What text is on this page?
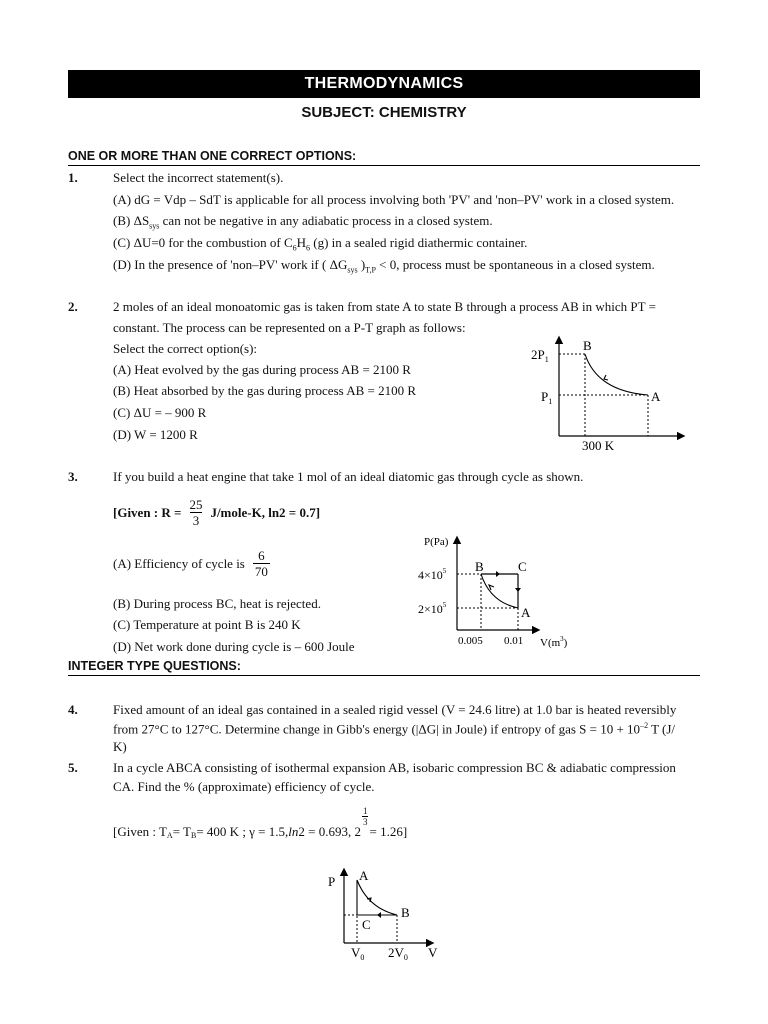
THERMODYNAMICS
SUBJECT: CHEMISTRY
ONE OR MORE THAN ONE CORRECT OPTIONS:
1.	Select the incorrect statement(s).
(A) dG = Vdp – SdT is applicable for all process involving both 'PV' and 'non–PV' work in a closed system.
(B) $\Delta S_{sys}$ can not be negative in any adiabatic process in a closed system.
(C) ΔU=0 for the combustion of $C_6H_6$ (g) in a sealed rigid diathermic container.
(D) In the presence of 'non–PV' work if ( $\Delta G_{sys}$ )$_{T,P} < 0$, process must be spontaneous in a closed system.
2.	2 moles of an ideal monoatomic gas is taken from state A to state B through a process AB in which PT =
constant. The process can be represented on a P-T graph as follows:
Select the correct option(s):
(A) Heat evolved by the gas during process AB = 2100 R
(B) Heat absorbed by the gas during process AB = 2100 R
(C) ΔU = – 900 R
(D) W = 1200 R
$2P_1$
$P_1$
B
A
300 K
3.	If you build a heat engine that take 1 mol of an ideal diatomic gas through cycle as shown.
[Given : $R = \frac{25}{3}$ J/mole-K, ln2 = 0.7]
(A) Efficiency of cycle is 6
70
(B) During process BC, heat is rejected.
(C) Temperature at point B is 240 K
(D) Net work done during cycle is – 600 Joule
P(Pa)
$4\times 10^5$
$2\times 10^5$
B	C
A
0.005 0.01 $V(m^3)$
INTEGER TYPE QUESTIONS:
4.	Fixed amount of an ideal gas contained in a sealed rigid vessel (V = 24.6 litre) at 1.0 bar is heated reversibly
from 27°C to 127°C. Determine change in Gibb's energy (|ΔG| in Joule) if entropy of gas $S = 10 + 10^{-2}$ T (J/
K)
5.	In a cycle ABCA consisting of isothermal expansion AB, isobaric compression BC & adiabatic compression
CA. Find the % (approximate) efficiency of cycle.
[Given : $T_A = T_B = 400$ K ; γ = 1.5, ln 2 = 0.693, 2
$\frac{1}{3}$
= 1.26]
P A
B
C
$V_0$ $2V_0$ V
